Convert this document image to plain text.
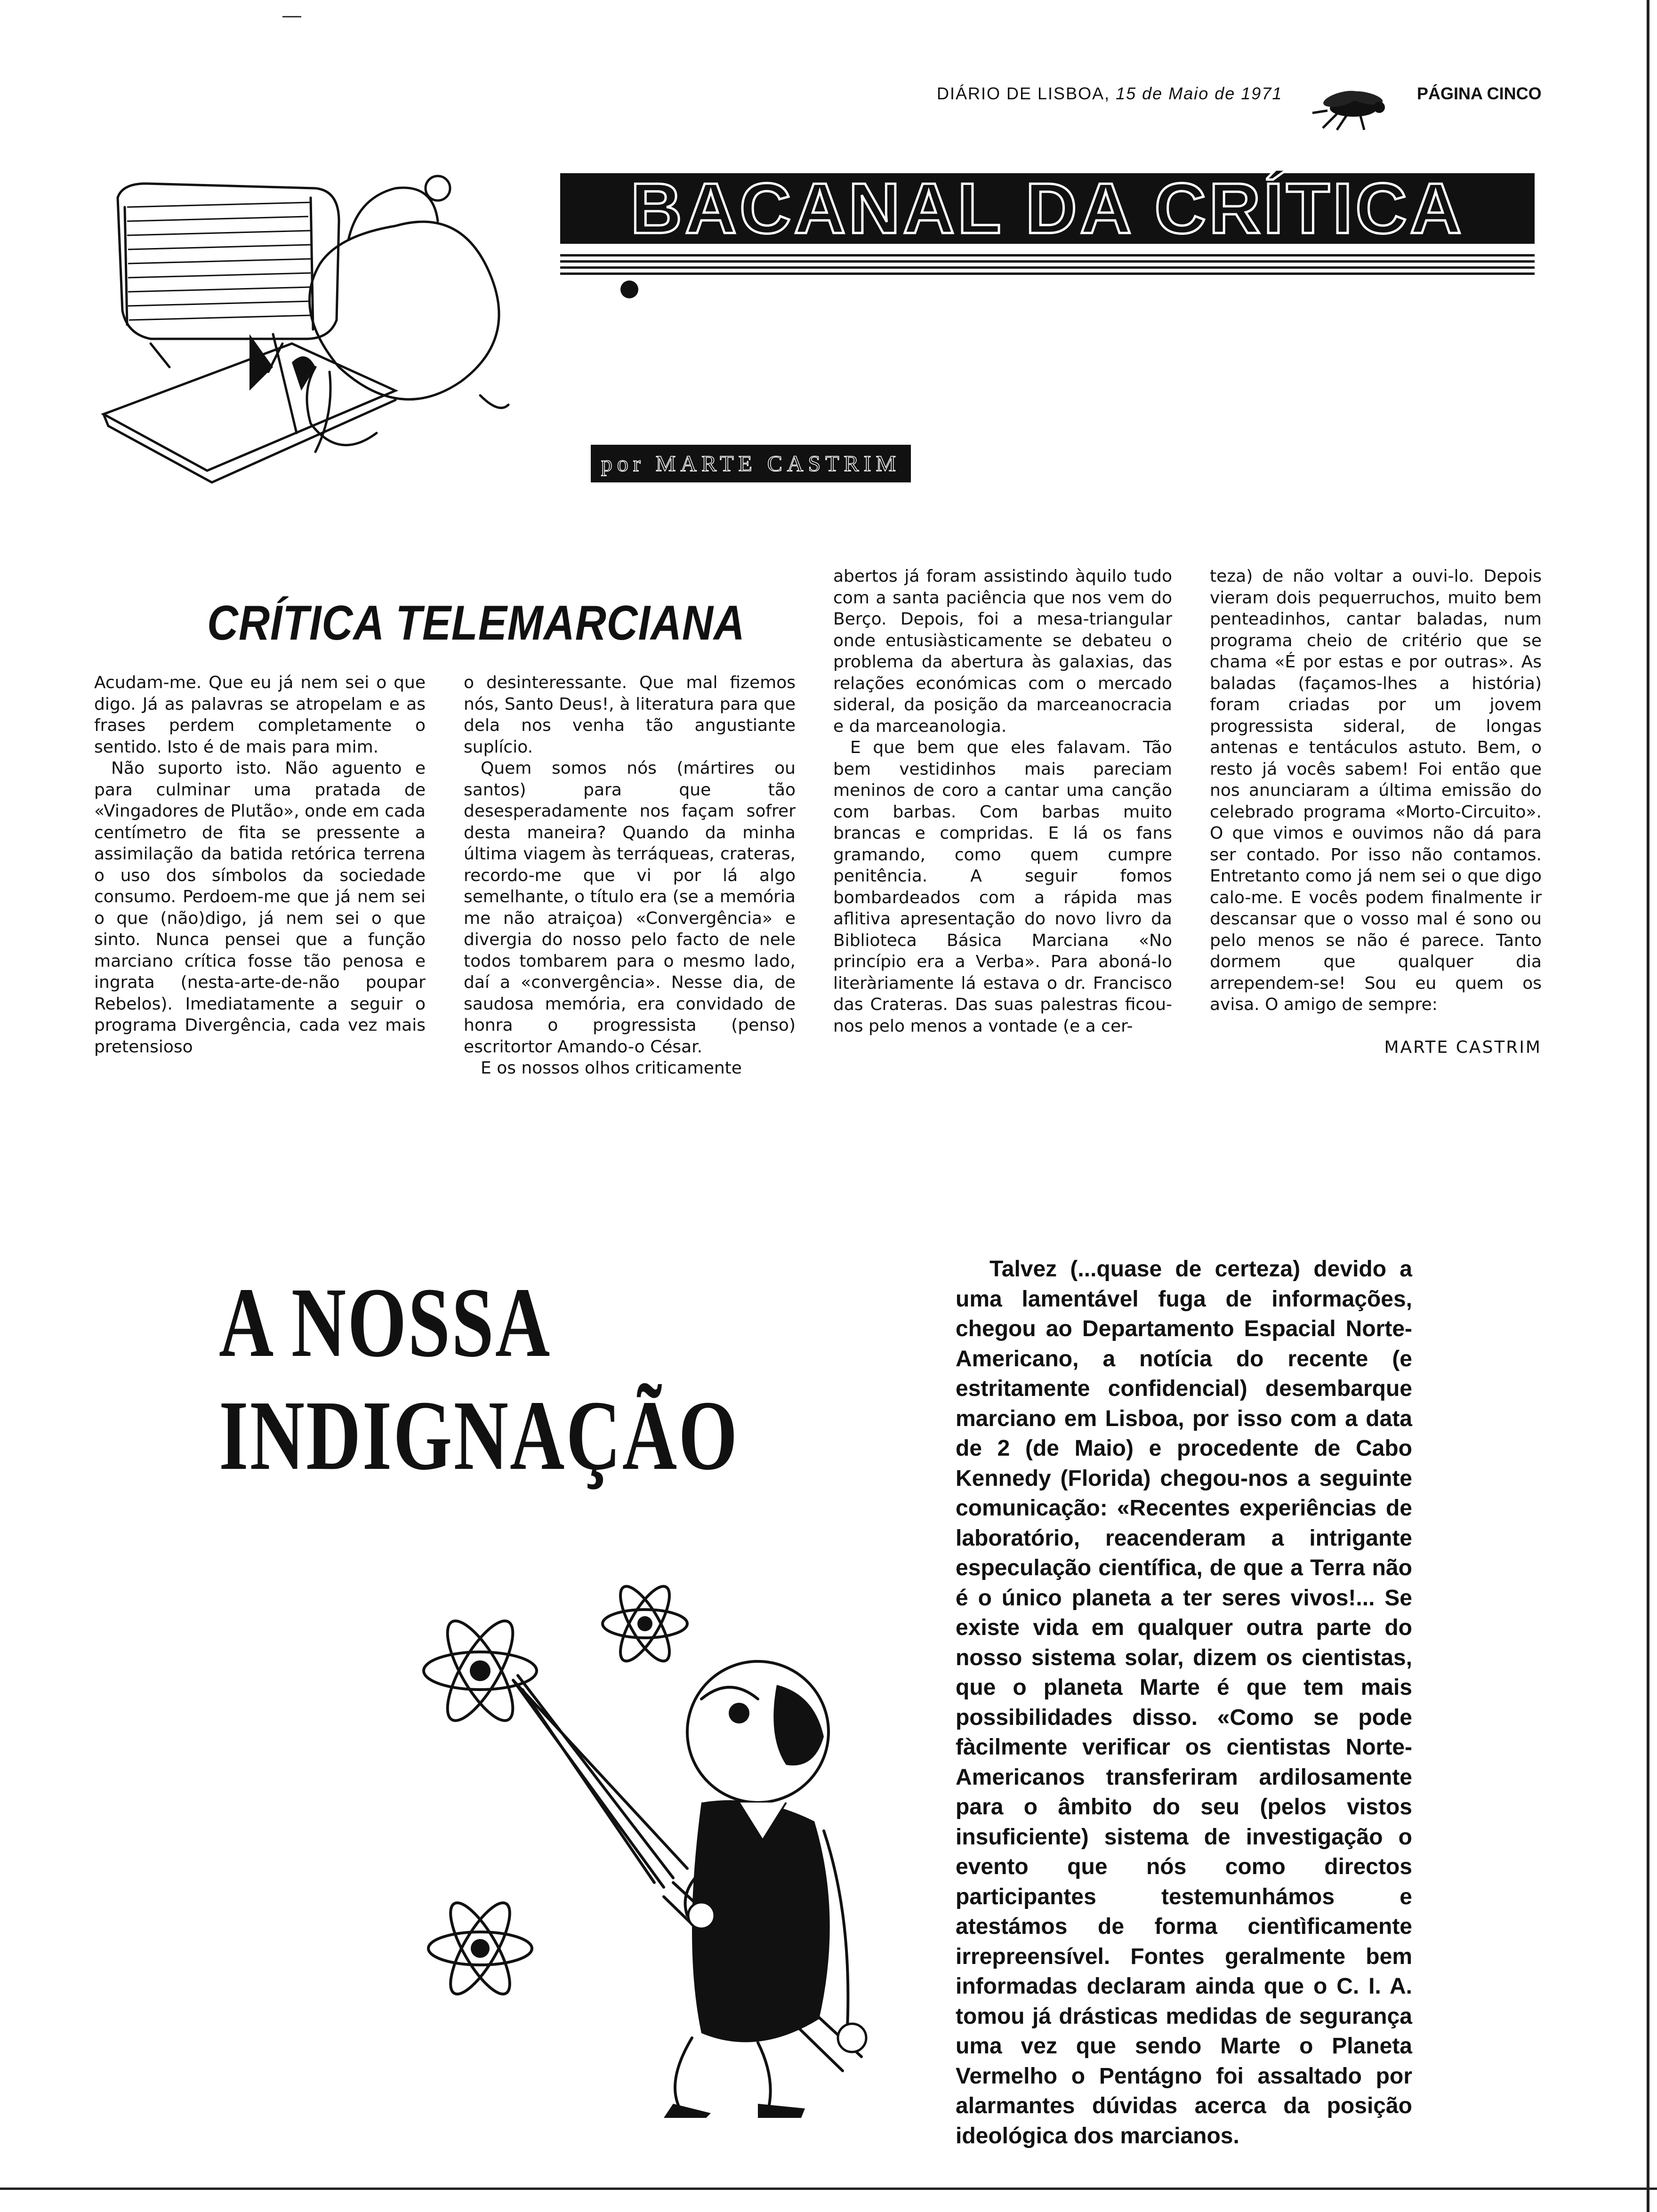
DIÁRIO DE LISBOA, 15 de Maio de 1971	PÁGINA CINCO
BACANAL DA CRÍTICA
por MARTE CASTRIM
CRÍTICA TELEMARCIANA

Acudam-me. Que eu já nem sei o que digo. Já as palavras se atropelam e as frases perdem completamente o sentido. Isto é de mais para mim.

Não suporto isto. Não aguento e para culminar uma pratada de «Vingadores de Plutão», onde em cada centímetro de fita se pressente a assimilação da batida retórica terrena o uso dos símbolos da sociedade consumo. Perdoem-me que já nem sei o que (não)digo, já nem sei o que sinto. Nunca pensei que a função marciano crítica fosse tão penosa e ingrata (nesta-arte-de-não poupar Rebelos). Imediatamente a seguir o programa Divergência, cada vez mais pretensioso

o desinteressante. Que mal fizemos nós, Santo Deus!, à literatura para que dela nos venha tão angustiante suplício.

Quem somos nós (mártires ou santos) para que tão desesperadamente nos façam sofrer desta maneira? Quando da minha última viagem às terráqueas, crateras, recordo-me que vi por lá algo semelhante, o título era (se a memória me não atraiçoa) «Convergência» e divergia do nosso pelo facto de nele todos tombarem para o mesmo lado, daí a «convergência». Nesse dia, de saudosa memória, era convidado de honra o progressista (penso) escritortor Amando-o César.

E os nossos olhos criticamente

abertos já foram assistindo àquilo tudo com a santa paciência que nos vem do Berço. Depois, foi a mesa-triangular onde entusiàsticamente se debateu o problema da abertura às galaxias, das relações económicas com o mercado sideral, da posição da marceanocracia e da marceanologia.

E que bem que eles falavam. Tão bem vestidinhos mais pareciam meninos de coro a cantar uma canção com barbas. Com barbas muito brancas e compridas. E lá os fans gramando, como quem cumpre penitência. A seguir fomos bombardeados com a rápida mas aflitiva apresentação do novo livro da Biblioteca Básica Marciana «No princípio era a Verba». Para aboná-lo literàriamente lá estava o dr. Francisco das Crateras. Das suas palestras ficou-nos pelo menos a vontade (e a cer-

teza) de não voltar a ouvi-lo. Depois vieram dois pequerruchos, muito bem penteadinhos, cantar baladas, num programa cheio de critério que se chama «É por estas e por outras». As baladas (façamos-lhes a história) foram criadas por um jovem progressista sideral, de longas antenas e tentáculos astuto. Bem, o resto já vocês sabem! Foi então que nos anunciaram a última emissão do celebrado programa «Morto-Circuito». O que vimos e ouvimos não dá para ser contado. Por isso não contamos. Entretanto como já nem sei o que digo calo-me. E vocês podem finalmente ir descansar que o vosso mal é sono ou pelo menos se não é parece. Tanto dormem que qualquer dia arrependem-se! Sou eu quem os avisa. O amigo de sempre:

MARTE CASTRIM
A NOSSA
INDIGNAÇÃO

Talvez (...quase de certeza) devido a uma lamentável fuga de informações, chegou ao Departamento Espacial Norte-Americano, a notícia do recente (e estritamente confidencial) desembarque marciano em Lisboa, por isso com a data de 2 (de Maio) e procedente de Cabo Kennedy (Florida) chegou-nos a seguinte comunicação: «Recentes experiências de laboratório, reacenderam a intrigante especulação científica, de que a Terra não é o único planeta a ter seres vivos!... Se existe vida em qualquer outra parte do nosso sistema solar, dizem os cientistas, que o planeta Marte é que tem mais possibilidades disso. «Como se pode fàcilmente verificar os cientistas Norte-Americanos transferiram ardilosamente para o âmbito do seu (pelos vistos insuficiente) sistema de investigação o evento que nós como directos participantes testemunhámos e atestámos de forma cientìficamente irrepreensível. Fontes geralmente bem informadas declaram ainda que o C. I. A. tomou já drásticas medidas de segurança uma vez que sendo Marte o Planeta Vermelho o Pentágno foi assaltado por alarmantes dúvidas acerca da posição ideológica dos marcianos.
